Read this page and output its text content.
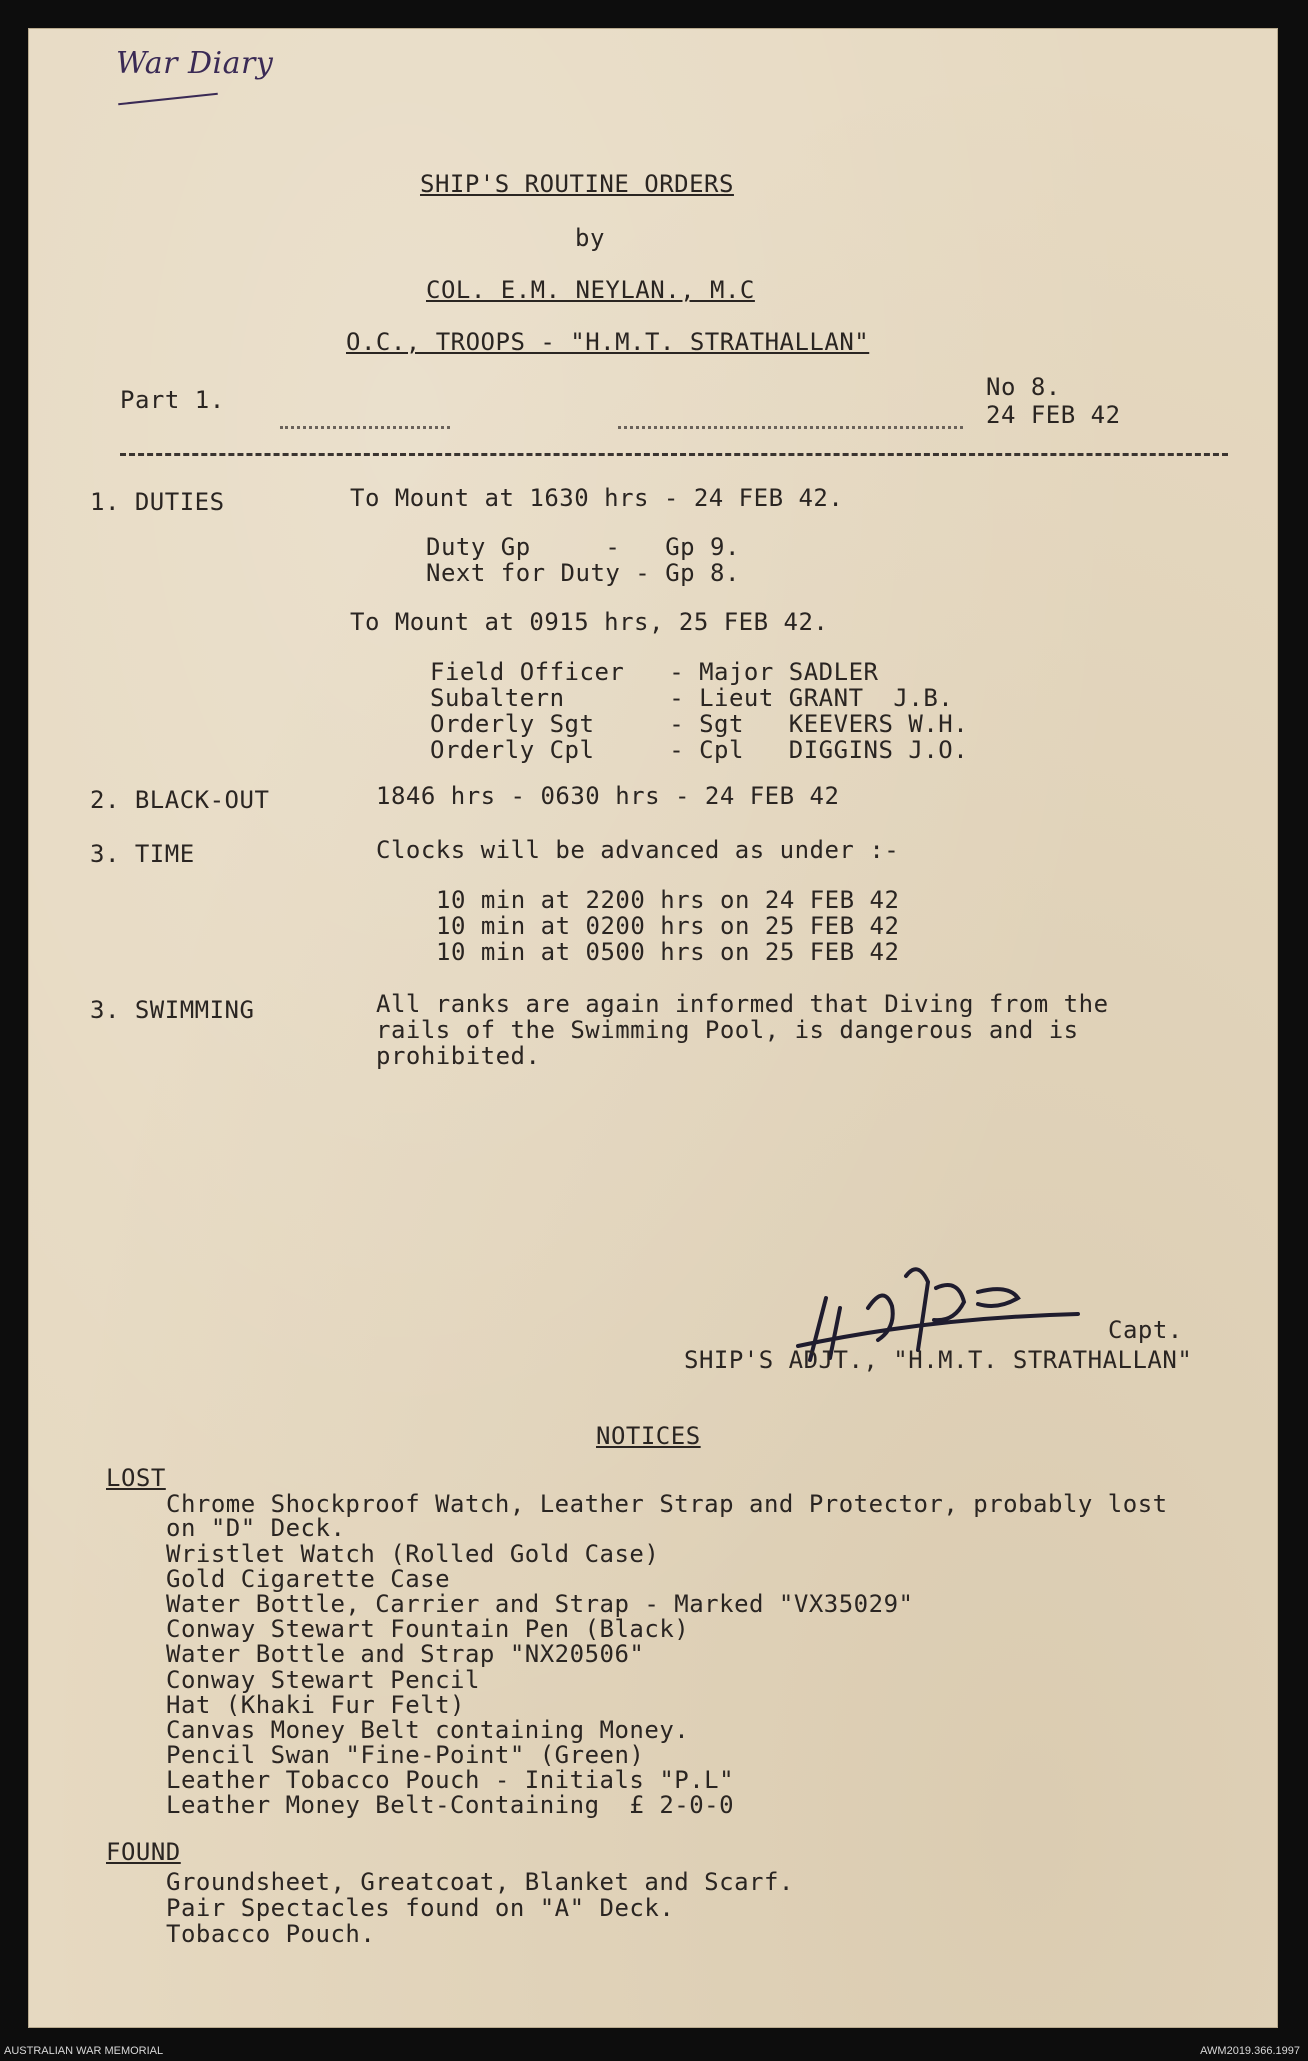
War Diary
SHIP'S ROUTINE ORDERS
by
COL. E.M. NEYLAN., M.C
O.C., TROOPS - "H.M.T. STRATHALLAN"
Part 1.	No 8.
24 FEB 42
1. DUTIES	To Mount at 1630 hrs - 24 FEB 42.
Duty Gp     -   Gp 9.
Next for Duty - Gp 8.
To Mount at 0915 hrs, 25 FEB 42.
Field Officer   - Major SADLER
Subaltern       - Lieut GRANT  J.B.
Orderly Sgt     - Sgt   KEEVERS W.H.
Orderly Cpl     - Cpl   DIGGINS J.O.
2. BLACK-OUT	1846 hrs - 0630 hrs - 24 FEB 42
3. TIME	Clocks will be advanced as under :-
10 min at 2200 hrs on 24 FEB 42
10 min at 0200 hrs on 25 FEB 42
10 min at 0500 hrs on 25 FEB 42
3. SWIMMING	All ranks are again informed that Diving from the
rails of the Swimming Pool, is dangerous and is
prohibited.
Capt.
SHIP'S ADJT., "H.M.T. STRATHALLAN"
NOTICES
LOST
Chrome Shockproof Watch, Leather Strap and Protector, probably lost
on "D" Deck.
Wristlet Watch (Rolled Gold Case)
Gold Cigarette Case
Water Bottle, Carrier and Strap - Marked "VX35029"
Conway Stewart Fountain Pen (Black)
Water Bottle and Strap "NX20506"
Conway Stewart Pencil
Hat (Khaki Fur Felt)
Canvas Money Belt containing Money.
Pencil Swan "Fine-Point" (Green)
Leather Tobacco Pouch - Initials "P.L"
Leather Money Belt-Containing  £ 2-0-0
FOUND
Groundsheet, Greatcoat, Blanket and Scarf.
Pair Spectacles found on "A" Deck.
Tobacco Pouch.
AUSTRALIAN WAR MEMORIAL	AWM2019.366.1997
